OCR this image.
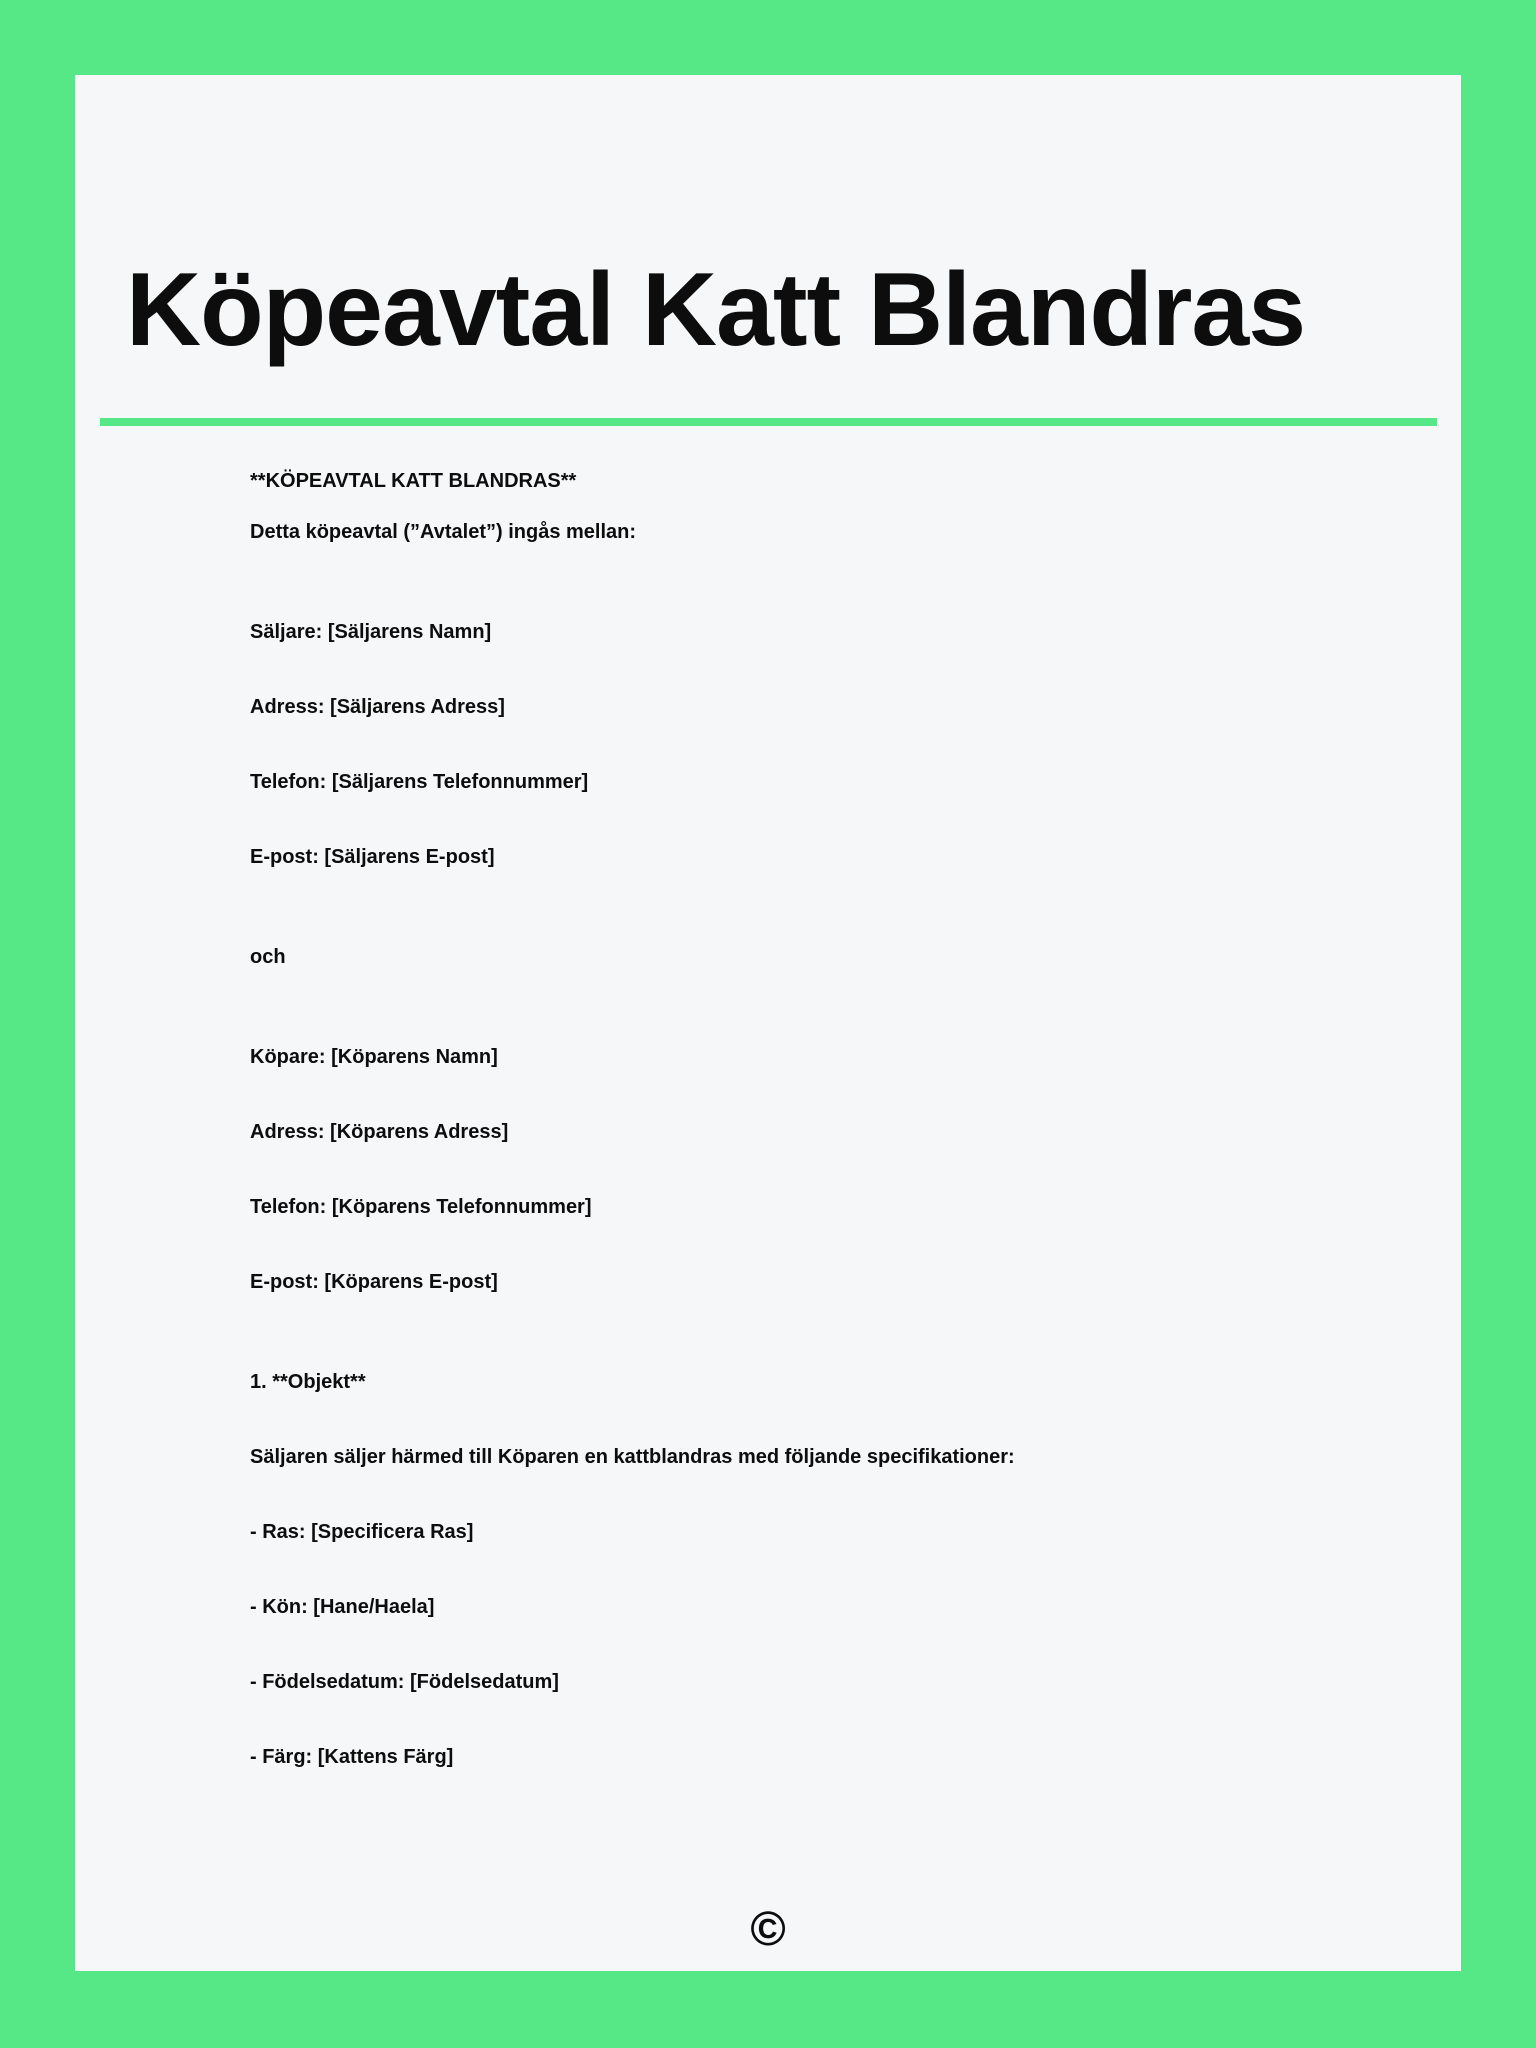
Köpeavtal Katt Blandras

**KÖPEAVTAL KATT BLANDRAS**

Detta köpeavtal (”Avtalet”) ingås mellan:

Säljare: [Säljarens Namn]

Adress: [Säljarens Adress]

Telefon: [Säljarens Telefonnummer]

E-post: [Säljarens E-post]

och

Köpare: [Köparens Namn]

Adress: [Köparens Adress]

Telefon: [Köparens Telefonnummer]

E-post: [Köparens E-post]

1. **Objekt**

Säljaren säljer härmed till Köparen en kattblandras med följande specifikationer:

- Ras: [Specificera Ras]

- Kön: [Hane/Haela]

- Födelsedatum: [Födelsedatum]

- Färg: [Kattens Färg]

©
